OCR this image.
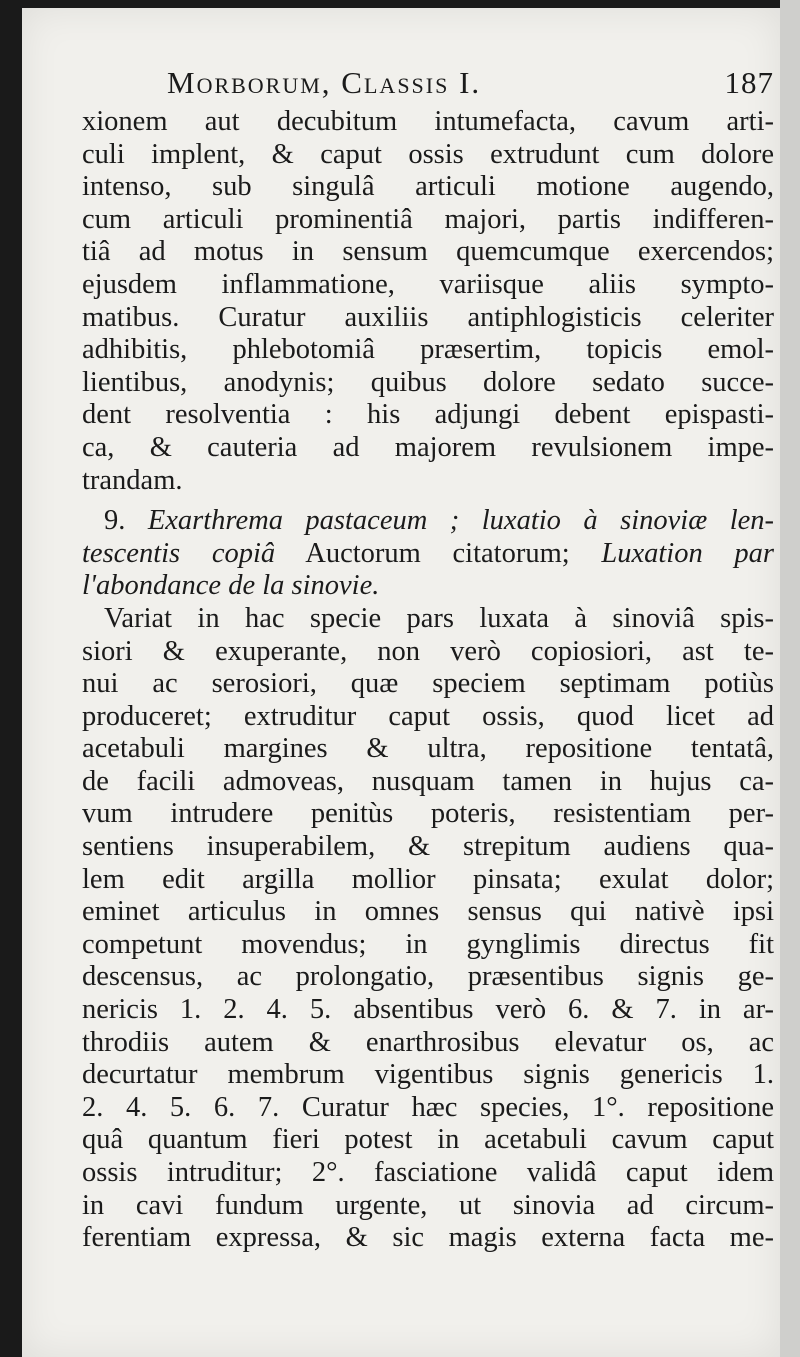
Morborum, Classis I.	187
xionem aut decubitum intumefacta, cavum arti-
culi implent, & caput ossis extrudunt cum dolore
intenso, sub singulâ articuli motione augendo,
cum articuli prominentiâ majori, partis indifferen-
tiâ ad motus in sensum quemcumque exercendos;
ejusdem inflammatione, variisque aliis sympto-
matibus. Curatur auxiliis antiphlogisticis celeriter
adhibitis, phlebotomiâ præsertim, topicis emol-
lientibus, anodynis; quibus dolore sedato succe-
dent resolventia : his adjungi debent epispasti-
ca, & cauteria ad majorem revulsionem impe-
trandam.
9. Exarthrema pastaceum ; luxatio à sinoviæ len-
tescentis copiâ Auctorum citatorum; Luxation par
l'abondance de la sinovie.
Variat in hac specie pars luxata à sinoviâ spis-
siori & exuperante, non verò copiosiori, ast te-
nui ac serosiori, quæ speciem septimam potiùs
produceret; extruditur caput ossis, quod licet ad
acetabuli margines & ultra, repositione tentatâ,
de facili admoveas, nusquam tamen in hujus ca-
vum intrudere penitùs poteris, resistentiam per-
sentiens insuperabilem, & strepitum audiens qua-
lem edit argilla mollior pinsata; exulat dolor;
eminet articulus in omnes sensus qui nativè ipsi
competunt movendus; in gynglimis directus fit
descensus, ac prolongatio, præsentibus signis ge-
nericis 1. 2. 4. 5. absentibus verò 6. & 7. in ar-
throdiis autem & enarthrosibus elevatur os, ac
decurtatur membrum vigentibus signis genericis 1.
2. 4. 5. 6. 7. Curatur hæc species, 1°. repositione
quâ quantum fieri potest in acetabuli cavum caput
ossis intruditur; 2°. fasciatione validâ caput idem
in cavi fundum urgente, ut sinovia ad circum-
ferentiam expressa, & sic magis externa facta me-
